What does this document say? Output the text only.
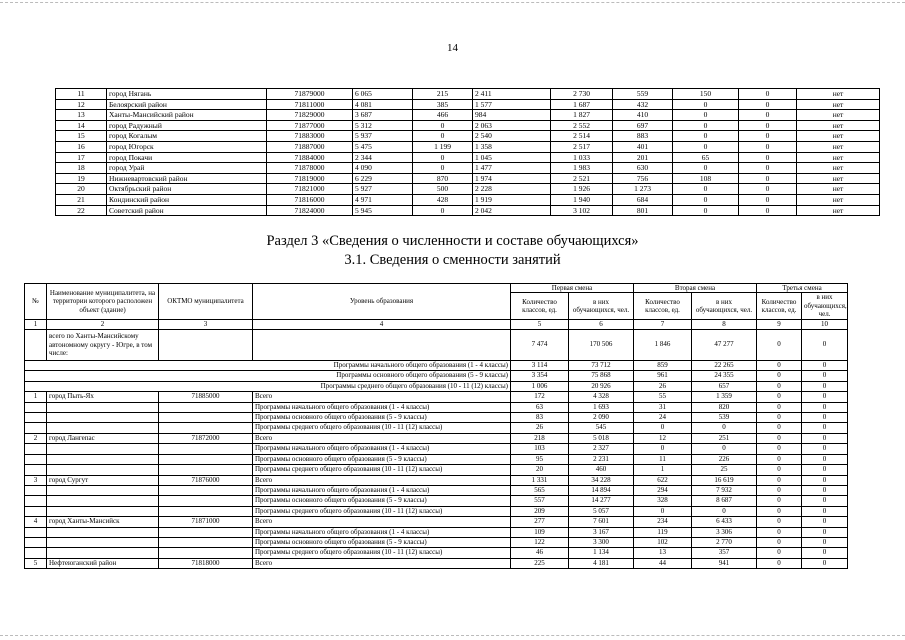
14
11	город Нягань	71879000	6 065	215	2 411	2 730	559	150	0	нет
12	Белоярский район	71811000	4 081	385	1 577	1 687	432	0	0	нет
13	Ханты-Мансийский район	71829000	3 687	466	984	1 827	410	0	0	нет
14	город Радужный	71877000	5 312	0	2 063	2 552	697	0	0	нет
15	город Когалым	71883000	5 937	0	2 540	2 514	883	0	0	нет
16	город Югорск	71887000	5 475	1 199	1 358	2 517	401	0	0	нет
17	город Покачи	71884000	2 344	0	1 045	1 033	201	65	0	нет
18	город Урай	71878000	4 090	0	1 477	1 983	630	0	0	нет
19	Нижневартовский район	71819000	6 229	870	1 974	2 521	756	108	0	нет
20	Октябрьский район	71821000	5 927	500	2 228	1 926	1 273	0	0	нет
21	Кондинский район	71816000	4 971	428	1 919	1 940	684	0	0	нет
22	Советский район	71824000	5 945	0	2 042	3 102	801	0	0	нет
Раздел 3 «Сведения о численности и составе обучающихся»
3.1. Сведения о сменности занятий
№	Наименование муниципалитета, на территории которого расположен объект (здание)	ОКТМО муниципалитета	Уровень образования	Первая смена		Вторая смена		Третья смена	
				Количество классов, ед.	в них обучающихся, чел.	Количество классов, ед.	в них обучающихся, чел.	Количество классов, ед.	в них обучающихся, чел.
1	2	3	4	5	6	7	8	9	10
	всего по Ханты-Мансийскому автономному округу - Югре, в том числе:			7 474	170 506	1 846	47 277	0	0
Программы начального общего образования (1 - 4 классы)				3 114	73 712	859	22 265	0	0
Программы основного общего образования (5 - 9 классы)				3 354	75 868	961	24 355	0	0
Программы среднего общего образования (10 - 11 (12) классы)				1 006	20 926	26	657	0	0
1	город Пыть-Ях	71885000	Всего	172	4 328	55	1 359	0	0
			Программы начального общего образования (1 - 4 классы)	63	1 693	31	820	0	0
			Программы основного общего образования (5 - 9 классы)	83	2 090	24	539	0	0
			Программы среднего общего образования (10 - 11 (12) классы)	26	545	0	0	0	0
2	город Лангепас	71872000	Всего	218	5 018	12	251	0	0
			Программы начального общего образования (1 - 4 классы)	103	2 327	0	0	0	0
			Программы основного общего образования (5 - 9 классы)	95	2 231	11	226	0	0
			Программы среднего общего образования (10 - 11 (12) классы)	20	460	1	25	0	0
3	город Сургут	71876000	Всего	1 331	34 228	622	16 619	0	0
			Программы начального общего образования (1 - 4 классы)	565	14 894	294	7 932	0	0
			Программы основного общего образования (5 - 9 классы)	557	14 277	328	8 687	0	0
			Программы среднего общего образования (10 - 11 (12) классы)	209	5 057	0	0	0	0
4	город Ханты-Мансийск	71871000	Всего	277	7 601	234	6 433	0	0
			Программы начального общего образования (1 - 4 классы)	109	3 167	119	3 306	0	0
			Программы основного общего образования (5 - 9 классы)	122	3 300	102	2 770	0	0
			Программы среднего общего образования (10 - 11 (12) классы)	46	1 134	13	357	0	0
5	Нефтеюганский район	71818000	Всего	225	4 181	44	941	0	0
